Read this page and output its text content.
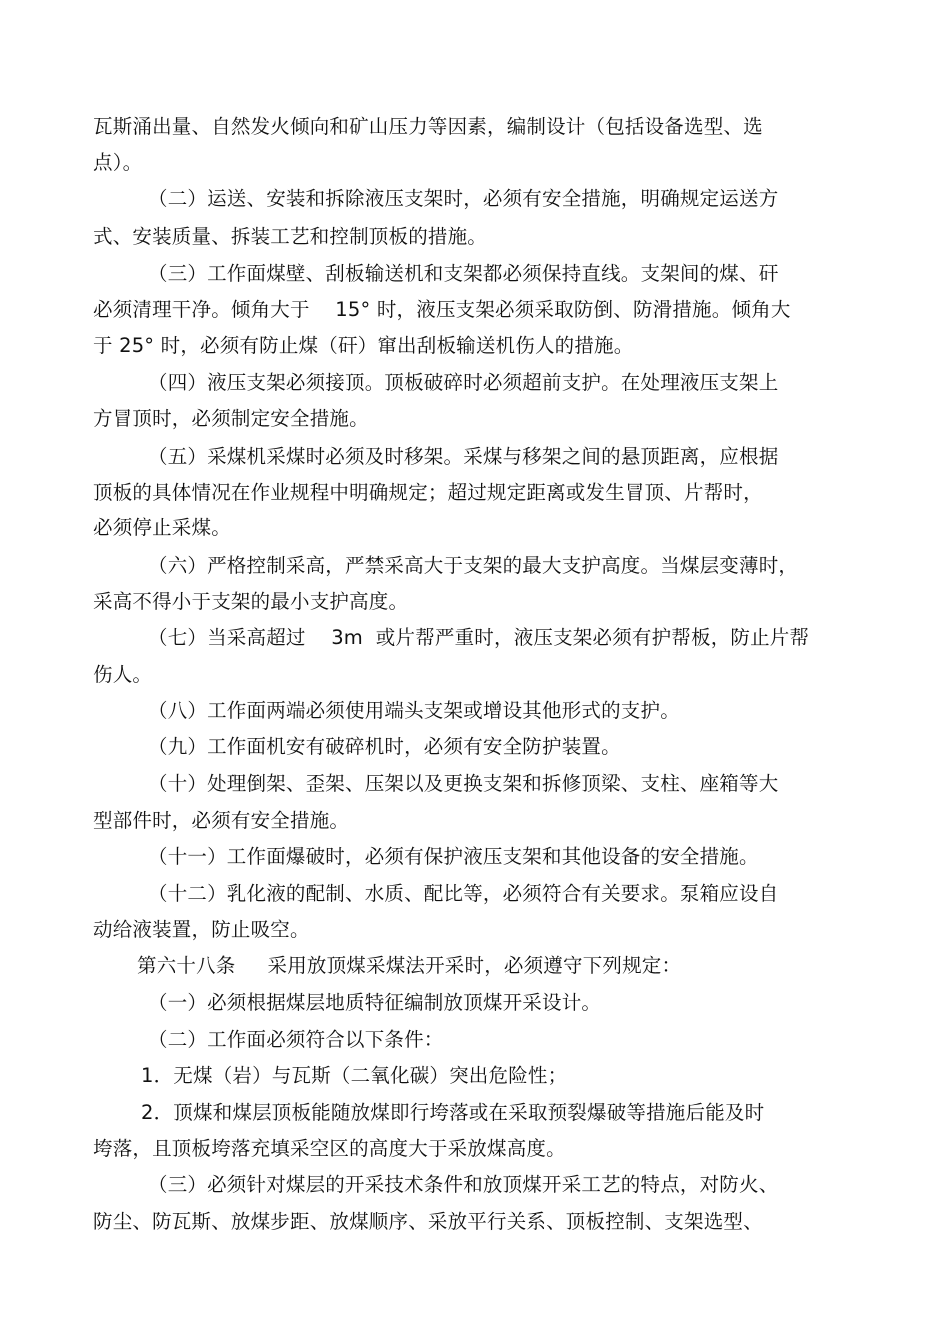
瓦斯涌出量、自然发火倾向和矿山压力等因素，编制设计（包括设备选型、选
点）。
（二）运送、安装和拆除液压支架时，必须有安全措施，明确规定运送方
式、安装质量、拆装工艺和控制顶板的措施。
（三）工作面煤壁、刮板输送机和支架都必须保持直线。支架间的煤、矸
必须清理干净。倾角大于    15° 时，液压支架必须采取防倒、防滑措施。倾角大
于 25° 时，必须有防止煤（矸）窜出刮板输送机伤人的措施。
（四）液压支架必须接顶。顶板破碎时必须超前支护。在处理液压支架上
方冒顶时，必须制定安全措施。
（五）采煤机采煤时必须及时移架。采煤与移架之间的悬顶距离，应根据
顶板的具体情况在作业规程中明确规定；超过规定距离或发生冒顶、片帮时，
必须停止采煤。
（六）严格控制采高，严禁采高大于支架的最大支护高度。当煤层变薄时，
采高不得小于支架的最小支护高度。
（七）当采高超过    3m  或片帮严重时，液压支架必须有护帮板，防止片帮
伤人。
（八）工作面两端必须使用端头支架或增设其他形式的支护。
（九）工作面机安有破碎机时，必须有安全防护装置。
（十）处理倒架、歪架、压架以及更换支架和拆修顶梁、支柱、座箱等大
型部件时，必须有安全措施。
（十一）工作面爆破时，必须有保护液压支架和其他设备的安全措施。
（十二）乳化液的配制、水质、配比等，必须符合有关要求。泵箱应设自
动给液装置，防止吸空。
第六十八条     采用放顶煤采煤法开采时，必须遵守下列规定：
（一）必须根据煤层地质特征编制放顶煤开采设计。
（二）工作面必须符合以下条件：
1．无煤（岩）与瓦斯（二氧化碳）突出危险性；
2．顶煤和煤层顶板能随放煤即行垮落或在采取预裂爆破等措施后能及时
垮落，且顶板垮落充填采空区的高度大于采放煤高度。
（三）必须针对煤层的开采技术条件和放顶煤开采工艺的特点，对防火、
防尘、防瓦斯、放煤步距、放煤顺序、采放平行关系、顶板控制、支架选型、
